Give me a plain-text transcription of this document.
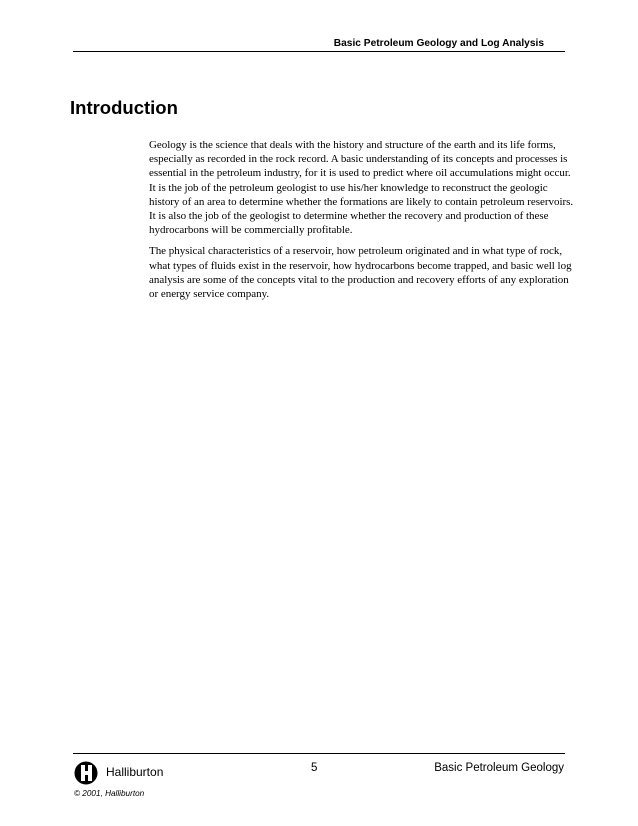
Basic Petroleum Geology and Log Analysis
Introduction

Geology is the science that deals with the history and structure of the earth and its life forms, especially as recorded in the rock record. A basic understanding of its concepts and processes is essential in the petroleum industry, for it is used to predict where oil accumulations might occur. It is the job of the petroleum geologist to use his/her knowledge to reconstruct the geologic history of an area to determine whether the formations are likely to contain petroleum reservoirs. It is also the job of the geologist to determine whether the recovery and production of these hydrocarbons will be commercially profitable.

The physical characteristics of a reservoir, how petroleum originated and in what type of rock, what types of fluids exist in the reservoir, how hydrocarbons become trapped, and basic well log analysis are some of the concepts vital to the production and recovery efforts of any exploration or energy service company.

Halliburton	5	Basic Petroleum Geology
© 2001, Halliburton
